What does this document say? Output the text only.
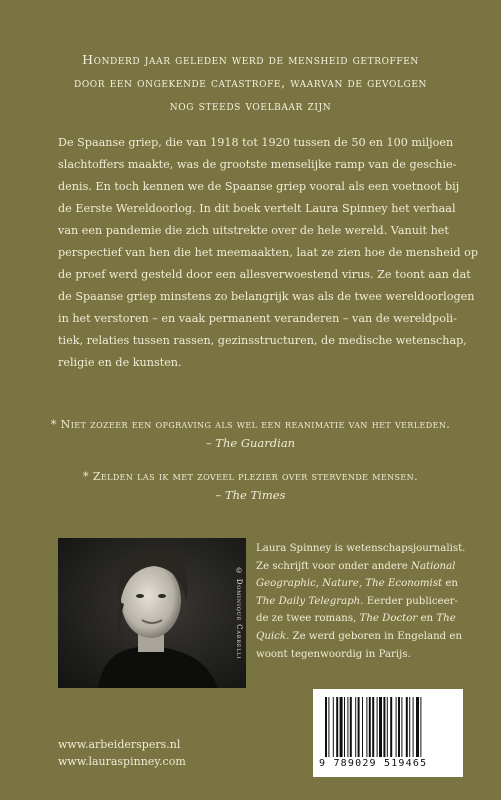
Honderd jaar geleden werd de mensheid getroffen
door een ongekende catastrofe, waarvan de gevolgen
nog steeds voelbaar zijn
De Spaanse griep, die van 1918 tot 1920 tussen de 50 en 100 miljoen
slachtoffers maakte, was de grootste menselijke ramp van de geschie-
denis. En toch kennen we de Spaanse griep vooral als een voetnoot bij
de Eerste Wereldoorlog. In dit boek vertelt Laura Spinney het verhaal
van een pandemie die zich uitstrekte over de hele wereld. Vanuit het
perspectief van hen die het meemaakten, laat ze zien hoe de mensheid op
de proef werd gesteld door een allesverwoestend virus. Ze toont aan dat
de Spaanse griep minstens zo belangrijk was als de twee wereldoorlogen
in het verstoren – en vaak permanent veranderen – van de wereldpoli-
tiek, relaties tussen rassen, gezinsstructuren, de medische wetenschap,
religie en de kunsten.
* Niet zozeer een opgraving als wel een reanimatie van het verleden.
– The Guardian
* Zelden las ik met zoveel plezier over stervende mensen.
– The Times
© Dominique Cabrelli
Laura Spinney is wetenschapsjournalist.
Ze schrijft voor onder andere National
Geographic, Nature, The Economist en
The Daily Telegraph. Eerder publiceer-
de ze twee romans, The Doctor en The
Quick. Ze werd geboren in Engeland en
woont tegenwoordig in Parijs.
www.arbeiderspers.nl
www.lauraspinney.com	9 789029 519465
